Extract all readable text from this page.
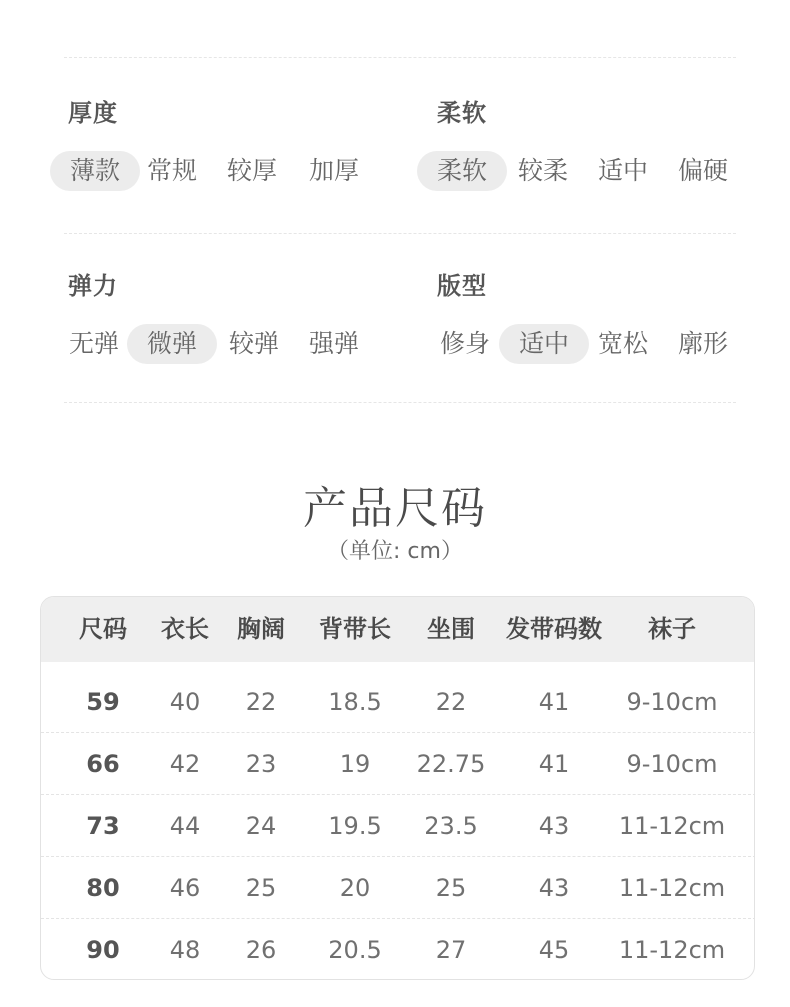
厚度
薄款	常规 较厚 加厚
柔软
柔软	较柔 适中 偏硬
弹力
无弹	微弹	较弹 强弹
版型
修身	适中	宽松 廓形
产品尺码
（单位: cm）
尺码	衣长	胸阔	背带长	坐围	发带码数	袜子
59	40	22	18.5	22	41	9-10cm
66	42	23	19	22.75	41	9-10cm
73	44	24	19.5	23.5	43	11-12cm
80	46	25	20	25	43	11-12cm
90	48	26	20.5	27	45	11-12cm
